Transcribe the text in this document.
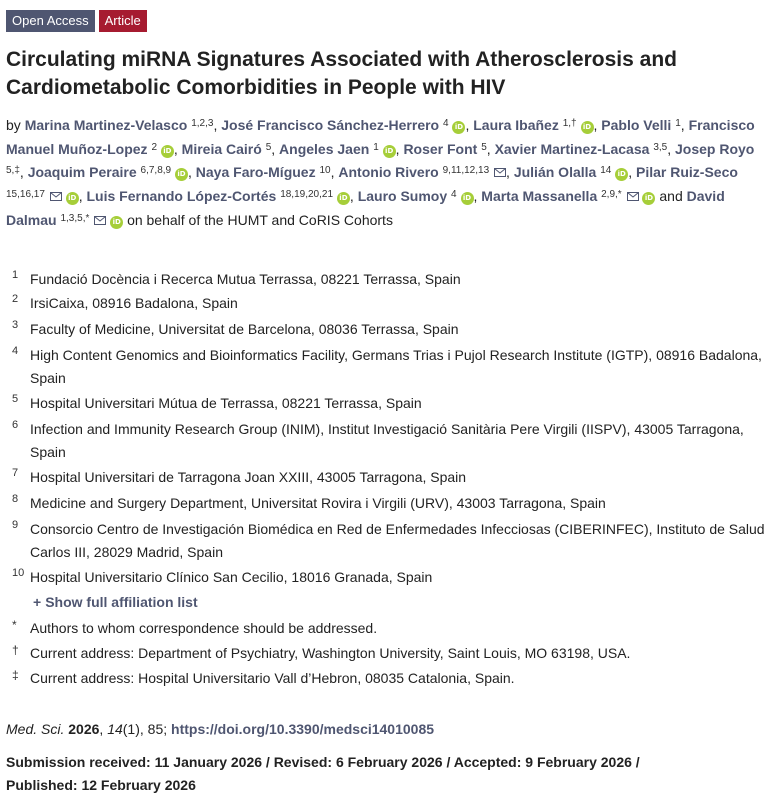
Open Access	Article
Circulating miRNA Signatures Associated with Atherosclerosis and Cardiometabolic Comorbidities in People with HIV
by Marina Martinez-Velasco $^{1,2,3}$, José Francisco Sánchez-Herrero $^4$ iD , Laura Ibañez $^{1,\dagger}$ iD , Pablo Velli $^1$, Francisco Manuel Muñoz-Lopez $^2$ iD , Mireia Cairó $^5$, Angeles Jaen $^1$ iD , Roser Font $^5$, Xavier Martinez-Lacasa $^{3,5}$, Josep Royo $^{5,\ddagger}$, Joaquim Peraire $^{6,7,8,9}$ iD , Naya Faro-Míguez $^{10}$, Antonio Rivero $^{9,11,12,13}$ , Julián Olalla $^{14}$ iD , Pilar Ruiz-Seco $^{15,16,17}$	iD , Luis Fernando López-Cortés $^{18,19,20,21}$ iD , Lauro Sumoy $^4$ iD , Marta Massanella $^{2,9,*}$	iD and David Dalmau $^{1,3,5,*}$	iD on behalf of the HUMT and CoRIS Cohorts
1 Fundació Docència i Recerca Mutua Terrassa, 08221 Terrassa, Spain
2 IrsiCaixa, 08916 Badalona, Spain
3 Faculty of Medicine, Universitat de Barcelona, 08036 Terrassa, Spain
4 High Content Genomics and Bioinformatics Facility, Germans Trias i Pujol Research Institute (IGTP), 08916 Badalona, Spain
5 Hospital Universitari Mútua de Terrassa, 08221 Terrassa, Spain
6 Infection and Immunity Research Group (INIM), Institut Investigació Sanitària Pere Virgili (IISPV), 43005 Tarragona, Spain
7 Hospital Universitari de Tarragona Joan XXIII, 43005 Tarragona, Spain
8 Medicine and Surgery Department, Universitat Rovira i Virgili (URV), 43003 Tarragona, Spain
9 Consorcio Centro de Investigación Biomédica en Red de Enfermedades Infecciosas (CIBERINFEC), Instituto de Salud Carlos III, 28029 Madrid, Spain
10 Hospital Universitario Clínico San Cecilio, 18016 Granada, Spain
+ Show full affiliation list
* Authors to whom correspondence should be addressed.
† Current address: Department of Psychiatry, Washington University, Saint Louis, MO 63198, USA.
‡ Current address: Hospital Universitario Vall d’Hebron, 08035 Catalonia, Spain.
Med. Sci. 2026, 14(1), 85; https://doi.org/10.3390/medsci14010085
Submission received: 11 January 2026 / Revised: 6 February 2026 / Accepted: 9 February 2026 /
Published: 12 February 2026
